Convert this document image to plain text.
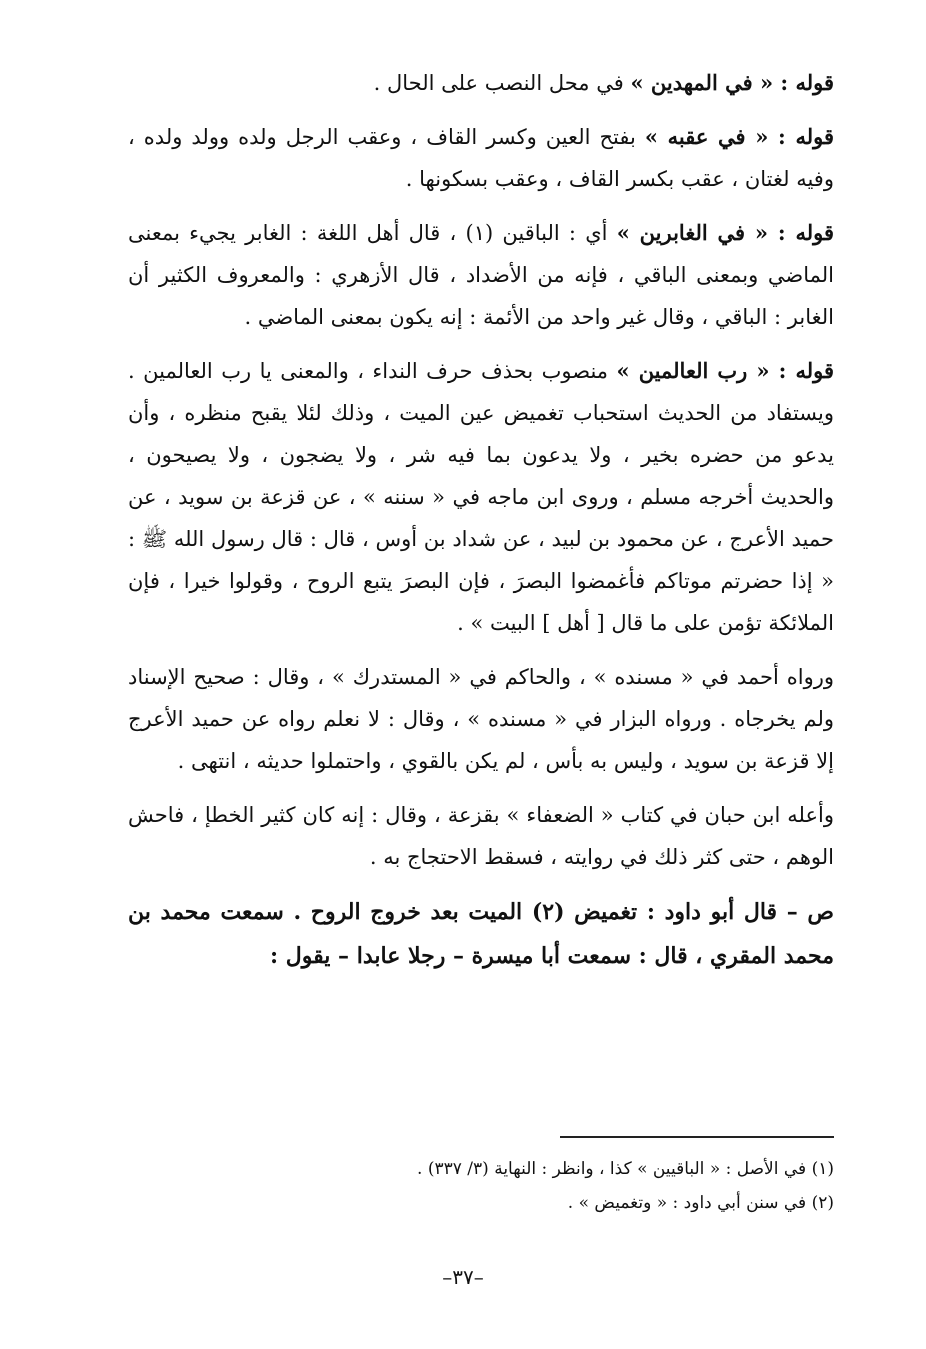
قوله : « في المهدين » في محل النصب على الحال .

قوله : « في عقبه » بفتح العين وكسر القاف ، وعقب الرجل ولده وولد ولده ، وفيه لغتان ، عقب بكسر القاف ، وعقب بسكونها .

قوله : « في الغابرين » أي : الباقين (١) ، قال أهل اللغة : الغابر يجيء بمعنى الماضي وبمعنى الباقي ، فإنه من الأضداد ، قال الأزهري : والمعروف الكثير أن الغابر : الباقي ، وقال غير واحد من الأئمة : إنه يكون بمعنى الماضي .

قوله : « رب العالمين » منصوب بحذف حرف النداء ، والمعنى يا رب العالمين . ويستفاد من الحديث استحباب تغميض عين الميت ، وذلك لئلا يقبح منظره ، وأن يدعو من حضره بخير ، ولا يدعون بما فيه شر ، ولا يضجون ، ولا يصيحون ، والحديث أخرجه مسلم ، وروى ابن ماجه في « سننه » ، عن قزعة بن سويد ، عن حميد الأعرج ، عن محمود بن لبيد ، عن شداد بن أوس ، قال : قال رسول الله ﷺ : « إذا حضرتم موتاكم فأغمضوا البصرَ ، فإن البصرَ يتبع الروح ، وقولوا خيرا ، فإن الملائكة تؤمن على ما قال [ أهل ] البيت » .

ورواه أحمد في « مسنده » ، والحاكم في « المستدرك » ، وقال : صحيح الإسناد ولم يخرجاه . ورواه البزار في « مسنده » ، وقال : لا نعلم رواه عن حميد الأعرج إلا قزعة بن سويد ، وليس به بأس ، لم يكن بالقوي ، واحتملوا حديثه ، انتهى .

وأعله ابن حبان في كتاب « الضعفاء » بقزعة ، وقال : إنه كان كثير الخطإ ، فاحش الوهم ، حتى كثر ذلك في روايته ، فسقط الاحتجاج به .

ص – قال أبو داود : تغميض (٢) الميت بعد خروج الروح . سمعت محمد بن محمد المقري ، قال : سمعت أبا ميسرة – رجلا عابدا – يقول :

(١) في الأصل : « الباقيين » كذا ، وانظر : النهاية (٣/ ٣٣٧) .

(٢) في سنن أبي داود : « وتغميض » .

–٣٧–
